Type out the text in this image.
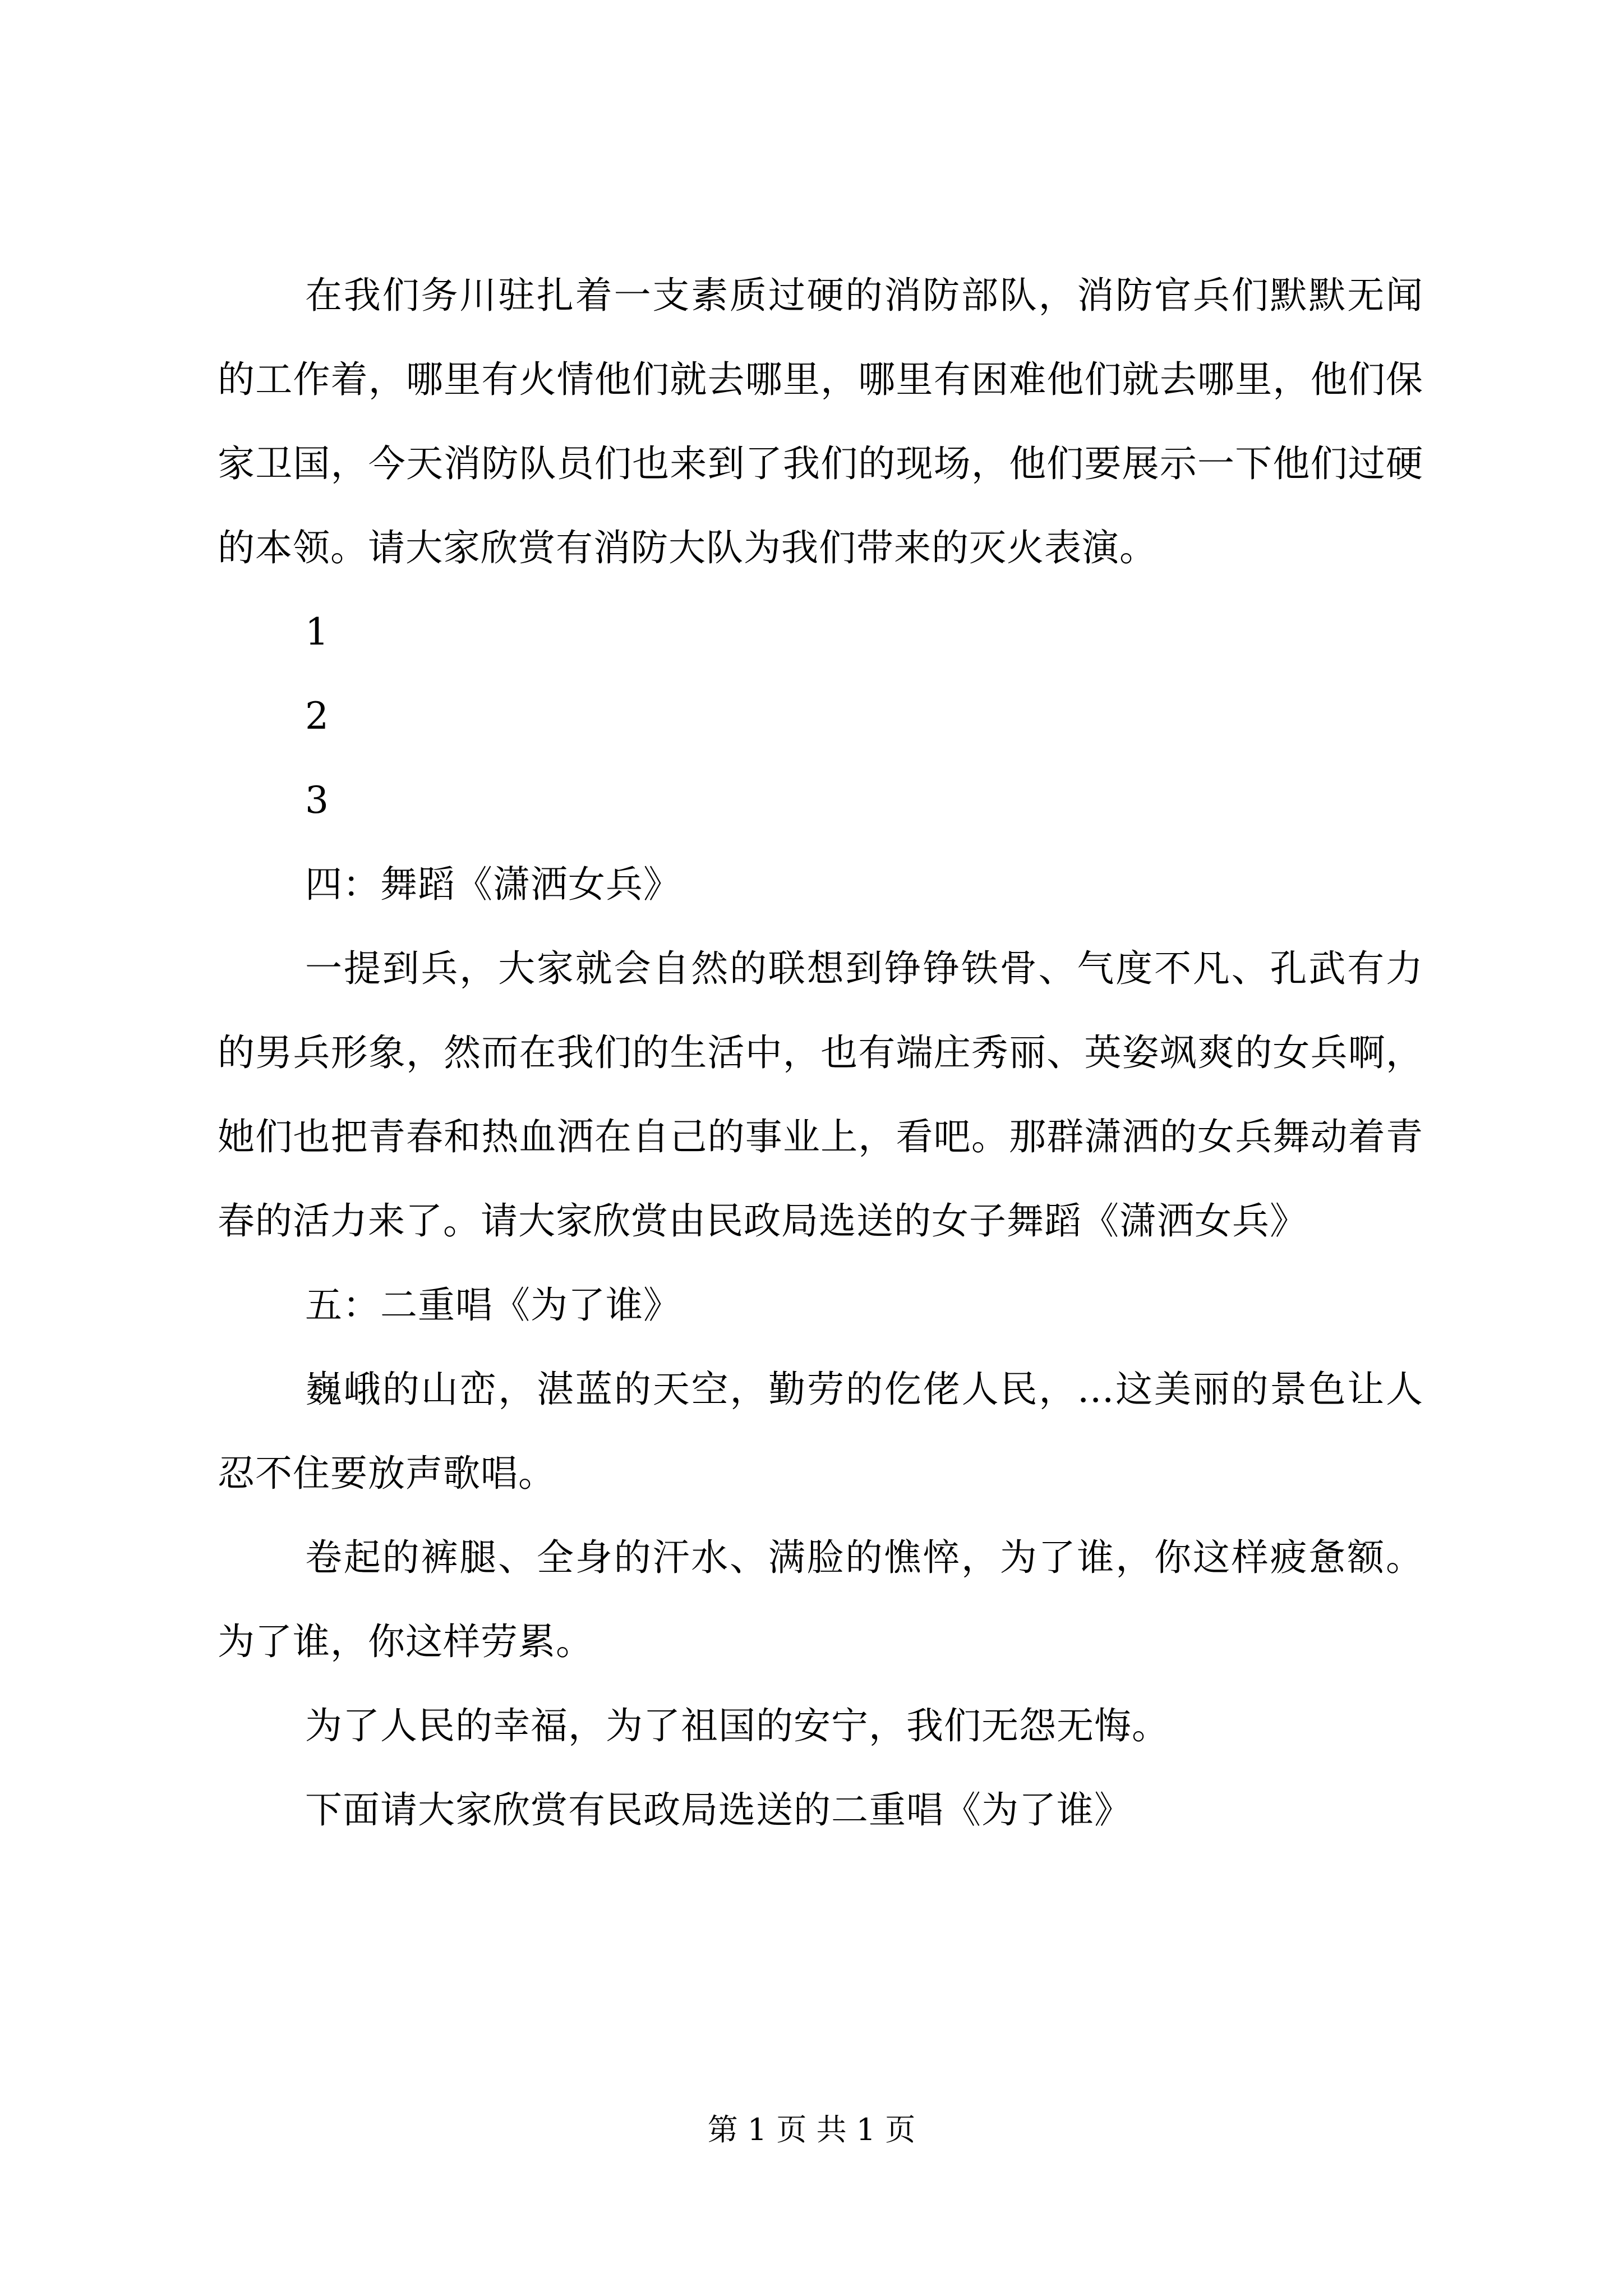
在我们务川驻扎着一支素质过硬的消防部队，消防官兵们默默无闻的工作着，哪里有火情他们就去哪里，哪里有困难他们就去哪里，他们保家卫国，今天消防队员们也来到了我们的现场，他们要展示一下他们过硬的本领。请大家欣赏有消防大队为我们带来的灭火表演。

1

2

3

四：舞蹈《潇洒女兵》

一提到兵，大家就会自然的联想到铮铮铁骨、气度不凡、孔武有力的男兵形象，然而在我们的生活中，也有端庄秀丽、英姿飒爽的女兵啊，她们也把青春和热血洒在自己的事业上，看吧。那群潇洒的女兵舞动着青春的活力来了。请大家欣赏由民政局选送的女子舞蹈《潇洒女兵》

五：二重唱《为了谁》

巍峨的山峦，湛蓝的天空，勤劳的仡佬人民，...这美丽的景色让人忍不住要放声歌唱。

卷起的裤腿、全身的汗水、满脸的憔悴，为了谁，你这样疲惫额。为了谁，你这样劳累。

为了人民的幸福，为了祖国的安宁，我们无怨无悔。

下面请大家欣赏有民政局选送的二重唱《为了谁》

第 1 页 共 1 页
